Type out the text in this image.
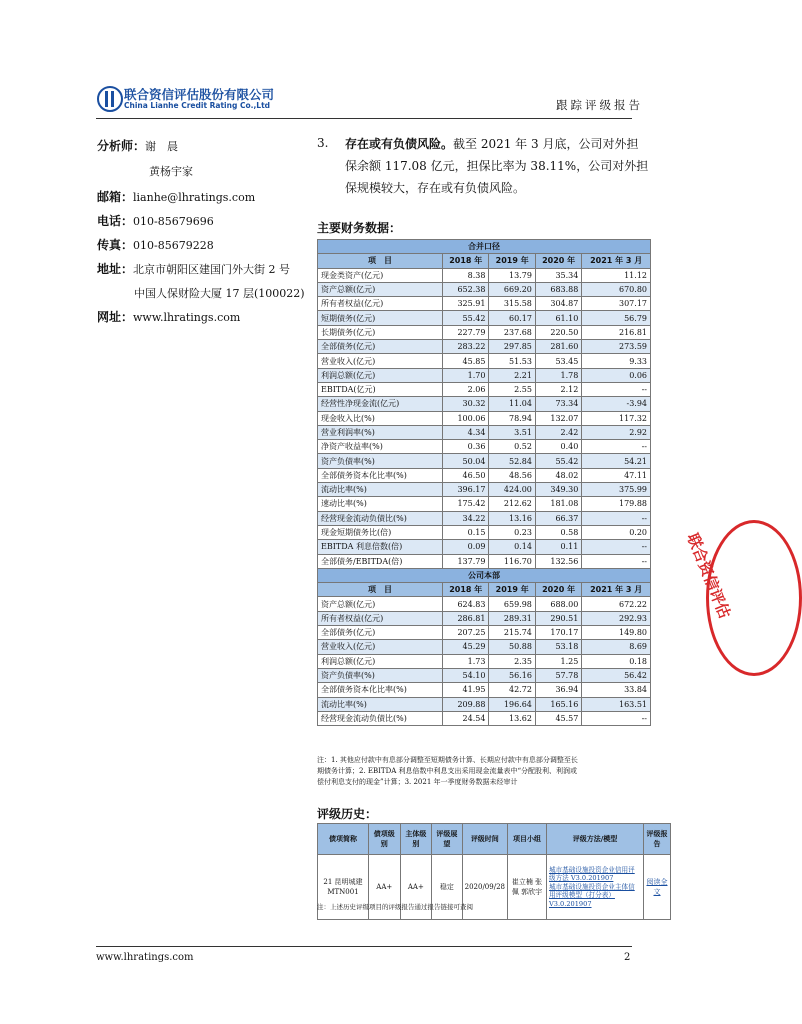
联合资信评估股份有限公司
China Lianhe Credit Rating Co.,Ltd	跟踪评级报告
分析师：谢　晨
黄杨宇家
邮箱：lianhe@lhratings.com
电话：010-85679696
传真：010-85679228
地址：北京市朝阳区建国门外大街 2 号
中国人保财险大厦 17 层(100022)
网址：www.lhratings.com
3. 存在或有负债风险。截至 2021 年 3 月底，公司对外担
保余额 117.08 亿元，担保比率为 38.11%，公司对外担
保规模较大，存在或有负债风险。
主要财务数据：
合并口径				
项　目	2018 年	2019 年	2020 年	2021 年 3 月
现金类资产(亿元)	8.38	13.79	35.34	11.12
资产总额(亿元)	652.38	669.20	683.88	670.80
所有者权益(亿元)	325.91	315.58	304.87	307.17
短期债务(亿元)	55.42	60.17	61.10	56.79
长期债务(亿元)	227.79	237.68	220.50	216.81
全部债务(亿元)	283.22	297.85	281.60	273.59
营业收入(亿元)	45.85	51.53	53.45	9.33
利润总额(亿元)	1.70	2.21	1.78	0.06
EBITDA(亿元)	2.06	2.55	2.12	--
经营性净现金流(亿元)	30.32	11.04	73.34	-3.94
现金收入比(%)	100.06	78.94	132.07	117.32
营业利润率(%)	4.34	3.51	2.42	2.92
净资产收益率(%)	0.36	0.52	0.40	--
资产负债率(%)	50.04	52.84	55.42	54.21
全部债务资本化比率(%)	46.50	48.56	48.02	47.11
流动比率(%)	396.17	424.00	349.30	375.99
速动比率(%)	175.42	212.62	181.08	179.88
经营现金流动负债比(%)	34.22	13.16	66.37	--
现金短期债务比(倍)	0.15	0.23	0.58	0.20
EBITDA 利息倍数(倍)	0.09	0.14	0.11	--
全部债务/EBITDA(倍)	137.79	116.70	132.56	--
公司本部				
项　目	2018 年	2019 年	2020 年	2021 年 3 月
资产总额(亿元)	624.83	659.98	688.00	672.22
所有者权益(亿元)	286.81	289.31	290.51	292.93
全部债务(亿元)	207.25	215.74	170.17	149.80
营业收入(亿元)	45.29	50.88	53.18	8.69
利润总额(亿元)	1.73	2.35	1.25	0.18
资产负债率(%)	54.10	56.16	57.78	56.42
全部债务资本化比率(%)	41.95	42.72	36.94	33.84
流动比率(%)	209.88	196.64	165.16	163.51
经营现金流动负债比(%)	24.54	13.62	45.57	--
注：1. 其他应付款中有息部分调整至短期债务计算、长期应付款中有息部分调整至长
期债务计算；2. EBITDA 利息倍数中利息支出采用现金流量表中“分配股利、利润或
偿付利息支付的现金”计算；3. 2021 年一季度财务数据未经审计
评级历史：
债项简称	债项级别	主体级别	评级展望	评级时间	项目小组	评级方法/模型	评级报告
21 昆明城建 MTN001	AA+	AA+	稳定	2020/09/28	崔立楠 张　佩 郭欣宇	城市基础设施投资企业信用评级方法 V3.0.201907
城市基础设施投资企业主体信用评级模型（打分表）V3.0.201907	阅读全文
注：上述历史评级项目的评级报告通过报告链接可查阅
www.lhratings.com	2
联合资信评估
